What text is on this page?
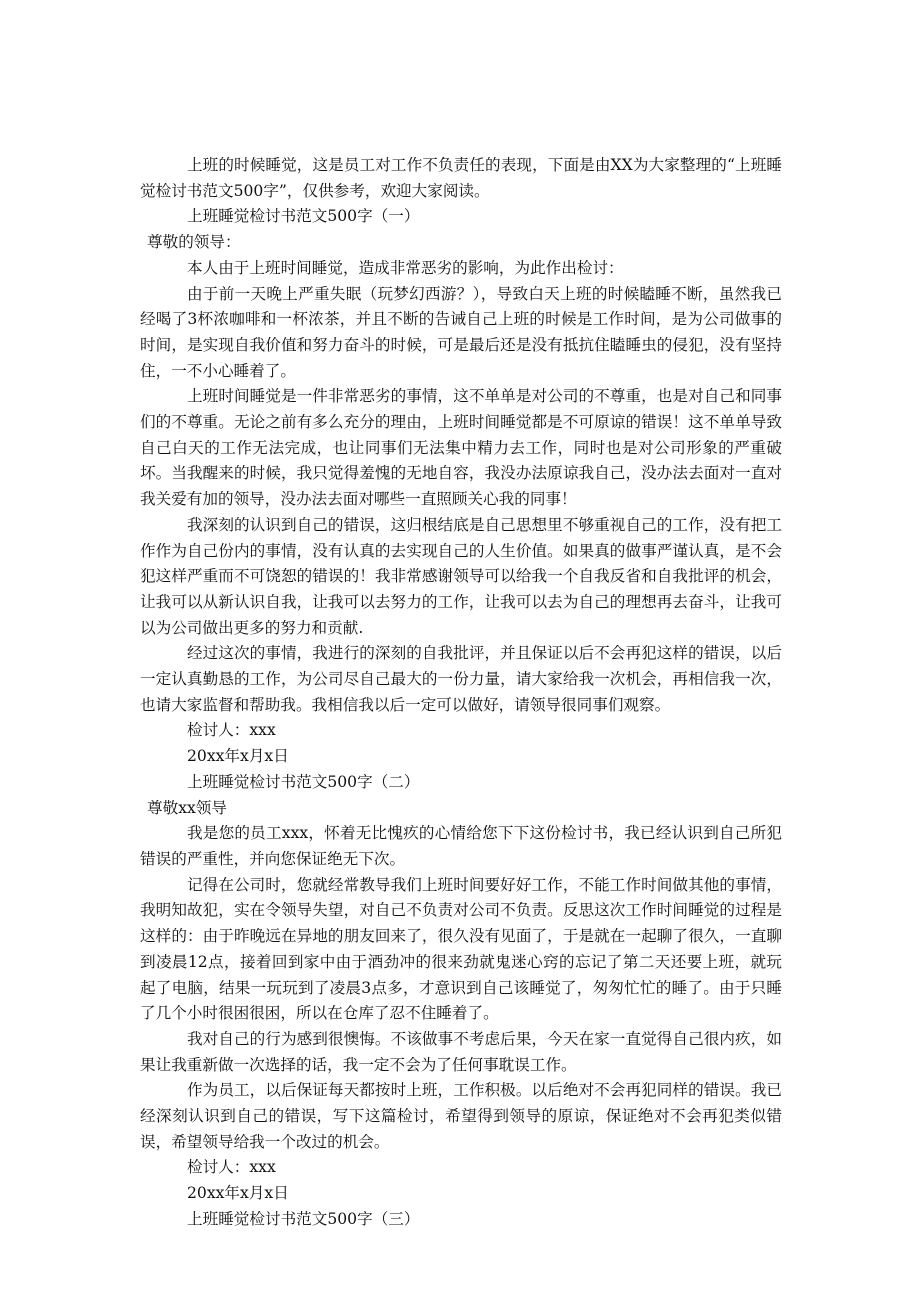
上班的时候睡觉，这是员工对工作不负责任的表现，下面是由XX为大家整理的“上班睡觉检讨书范文500字”，仅供参考，欢迎大家阅读。

上班睡觉检讨书范文500字（一）

尊敬的领导：

本人由于上班时间睡觉，造成非常恶劣的影响，为此作出检讨：

由于前一天晚上严重失眠（玩梦幻西游？），导致白天上班的时候瞌睡不断，虽然我已经喝了3杯浓咖啡和一杯浓茶，并且不断的告诫自己上班的时候是工作时间，是为公司做事的时间，是实现自我价值和努力奋斗的时候，可是最后还是没有抵抗住瞌睡虫的侵犯，没有坚持住，一不小心睡着了。

上班时间睡觉是一件非常恶劣的事情，这不单单是对公司的不尊重，也是对自己和同事们的不尊重。无论之前有多么充分的理由，上班时间睡觉都是不可原谅的错误！这不单单导致自己白天的工作无法完成，也让同事们无法集中精力去工作，同时也是对公司形象的严重破坏。当我醒来的时候，我只觉得羞愧的无地自容，我没办法原谅我自己，没办法去面对一直对我关爱有加的领导，没办法去面对哪些一直照顾关心我的同事！

我深刻的认识到自己的错误，这归根结底是自己思想里不够重视自己的工作，没有把工作作为自己份内的事情，没有认真的去实现自己的人生价值。如果真的做事严谨认真，是不会犯这样严重而不可饶恕的错误的！我非常感谢领导可以给我一个自我反省和自我批评的机会，让我可以从新认识自我，让我可以去努力的工作，让我可以去为自己的理想再去奋斗，让我可以为公司做出更多的努力和贡献.

经过这次的事情，我进行的深刻的自我批评，并且保证以后不会再犯这样的错误，以后一定认真勤恳的工作，为公司尽自己最大的一份力量，请大家给我一次机会，再相信我一次，也请大家监督和帮助我。我相信我以后一定可以做好，请领导很同事们观察。

检讨人：xxx

20xx年x月x日

上班睡觉检讨书范文500字（二）

尊敬xx领导

我是您的员工xxx，怀着无比愧疚的心情给您下下这份检讨书，我已经认识到自己所犯错误的严重性，并向您保证绝无下次。

记得在公司时，您就经常教导我们上班时间要好好工作，不能工作时间做其他的事情，我明知故犯，实在令领导失望，对自己不负责对公司不负责。反思这次工作时间睡觉的过程是这样的：由于昨晚远在异地的朋友回来了，很久没有见面了，于是就在一起聊了很久，一直聊到凌晨12点，接着回到家中由于酒劲冲的很来劲就鬼迷心窍的忘记了第二天还要上班，就玩起了电脑，结果一玩玩到了凌晨3点多，才意识到自己该睡觉了，匆匆忙忙的睡了。由于只睡了几个小时很困很困，所以在仓库了忍不住睡着了。

我对自己的行为感到很懊悔。不该做事不考虑后果，今天在家一直觉得自己很内疚，如果让我重新做一次选择的话，我一定不会为了任何事耽误工作。

作为员工，以后保证每天都按时上班，工作积极。以后绝对不会再犯同样的错误。我已经深刻认识到自己的错误，写下这篇检讨，希望得到领导的原谅，保证绝对不会再犯类似错误，希望领导给我一个改过的机会。

检讨人：xxx

20xx年x月x日

上班睡觉检讨书范文500字（三）
